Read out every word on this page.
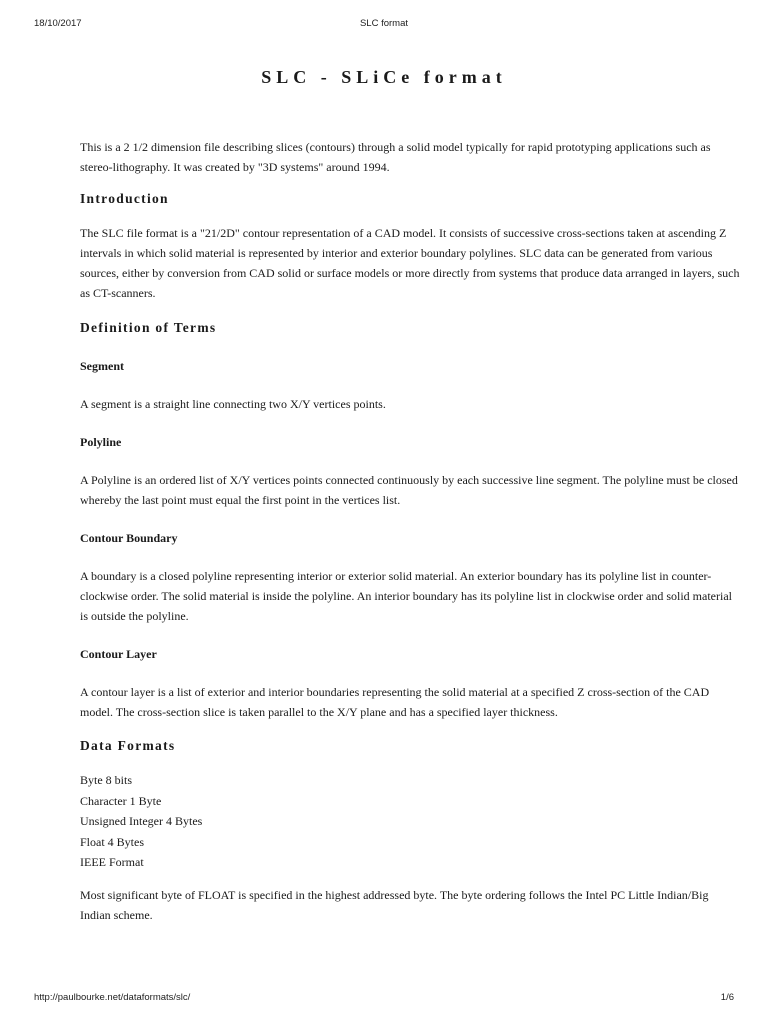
18/10/2017	SLC format
SLC - SLiCe format

This is a 2 1/2 dimension file describing slices (contours) through a solid model typically for rapid prototyping applications such as stereo-lithography. It was created by "3D systems" around 1994.

Introduction

The SLC file format is a "21/2D" contour representation of a CAD model. It consists of successive cross-sections taken at ascending Z intervals in which solid material is represented by interior and exterior boundary polylines. SLC data can be generated from various sources, either by conversion from CAD solid or surface models or more directly from systems that produce data arranged in layers, such as CT-scanners.

Definition of Terms
Segment

A segment is a straight line connecting two X/Y vertices points.

Polyline

A Polyline is an ordered list of X/Y vertices points connected continuously by each successive line segment. The polyline must be closed whereby the last point must equal the first point in the vertices list.

Contour Boundary

A boundary is a closed polyline representing interior or exterior solid material. An exterior boundary has its polyline list in counter-clockwise order. The solid material is inside the polyline. An interior boundary has its polyline list in clockwise order and solid material is outside the polyline.

Contour Layer

A contour layer is a list of exterior and interior boundaries representing the solid material at a specified Z cross-section of the CAD model. The cross-section slice is taken parallel to the X/Y plane and has a specified layer thickness.

Data Formats
Byte 8 bits
Character 1 Byte
Unsigned Integer 4 Bytes
Float 4 Bytes
IEEE Format

Most significant byte of FLOAT is specified in the highest addressed byte. The byte ordering follows the Intel PC Little Indian/Big Indian scheme.

http://paulbourke.net/dataformats/slc/	1/6
